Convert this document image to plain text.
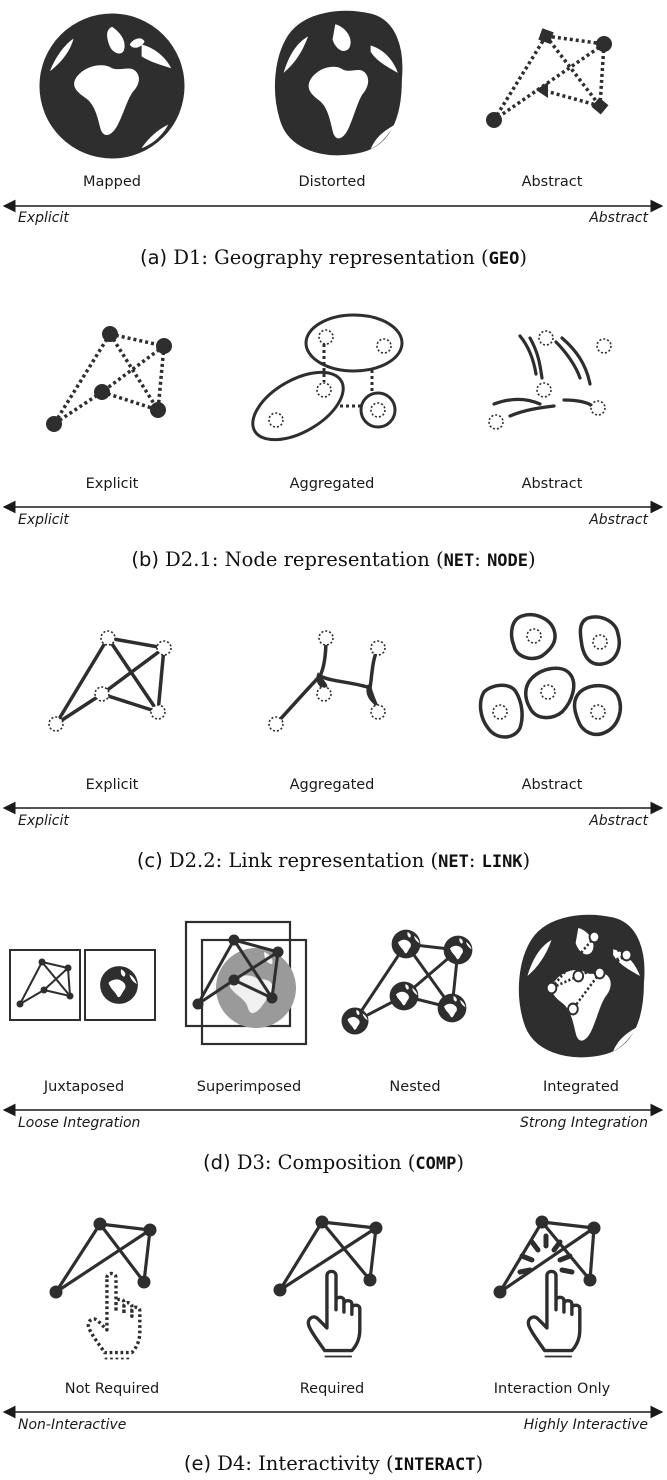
Mapped	Distorted	Abstract
Explicit	Abstract
(a) D1: Geography representation (GEO)
Explicit	Aggregated	Abstract
Explicit	Abstract
(b) D2.1: Node representation (NET: NODE)
Explicit	Aggregated	Abstract
Explicit	Abstract
(c) D2.2: Link representation (NET: LINK)
Juxtaposed	Superimposed	Nested	Integrated
Loose Integration	Strong Integration
(d) D3: Composition (COMP)
Not Required	Required	Interaction Only
Non-Interactive	Highly Interactive
(e) D4: Interactivity (INTERACT)
